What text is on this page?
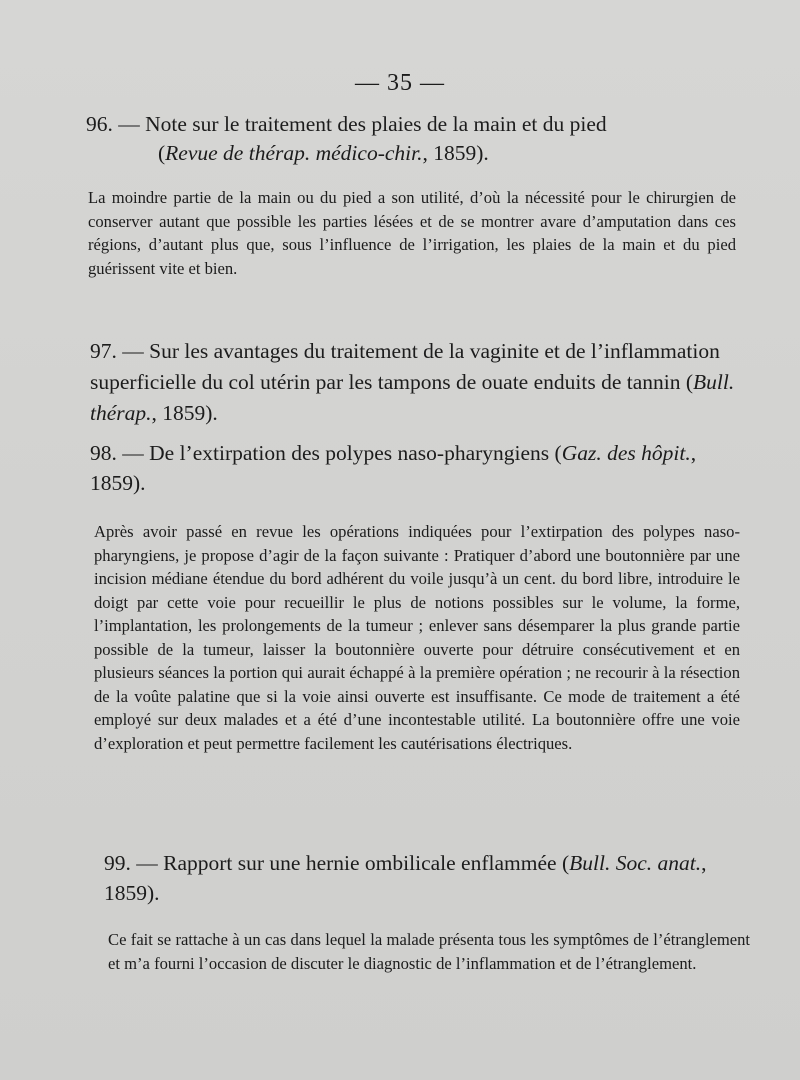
— 35 —

96. — Note sur le traitement des plaies de la main et du pied
(Revue de thérap. médico-chir., 1859).

La moindre partie de la main ou du pied a son utilité, d’où la nécessité pour le chirurgien de conserver autant que possible les parties lésées et de se montrer avare d’amputation dans ces régions, d’autant plus que, sous l’influence de l’irrigation, les plaies de la main et du pied guérissent vite et bien.

97. — Sur les avantages du traitement de la vaginite et de l’inflammation superficielle du col utérin par les tampons de ouate enduits de tannin (Bull. thérap., 1859).

98. — De l’extirpation des polypes naso-pharyngiens (Gaz. des hôpit., 1859).

Après avoir passé en revue les opérations indiquées pour l’extirpation des polypes naso-pharyngiens, je propose d’agir de la façon suivante : Pratiquer d’abord une boutonnière par une incision médiane étendue du bord adhérent du voile jusqu’à un cent. du bord libre, introduire le doigt par cette voie pour recueillir le plus de notions possibles sur le volume, la forme, l’implantation, les prolongements de la tumeur ; enlever sans désemparer la plus grande partie possible de la tumeur, laisser la boutonnière ouverte pour détruire consécutivement et en plusieurs séances la portion qui aurait échappé à la première opération ; ne recourir à la résection de la voûte palatine que si la voie ainsi ouverte est insuffisante. Ce mode de traitement a été employé sur deux malades et a été d’une incontestable utilité. La boutonnière offre une voie d’exploration et peut permettre facilement les cautérisations électriques.

99. — Rapport sur une hernie ombilicale enflammée (Bull. Soc. anat., 1859).

Ce fait se rattache à un cas dans lequel la malade présenta tous les symptômes de l’étranglement et m’a fourni l’occasion de discuter le diagnostic de l’inflammation et de l’étranglement.
